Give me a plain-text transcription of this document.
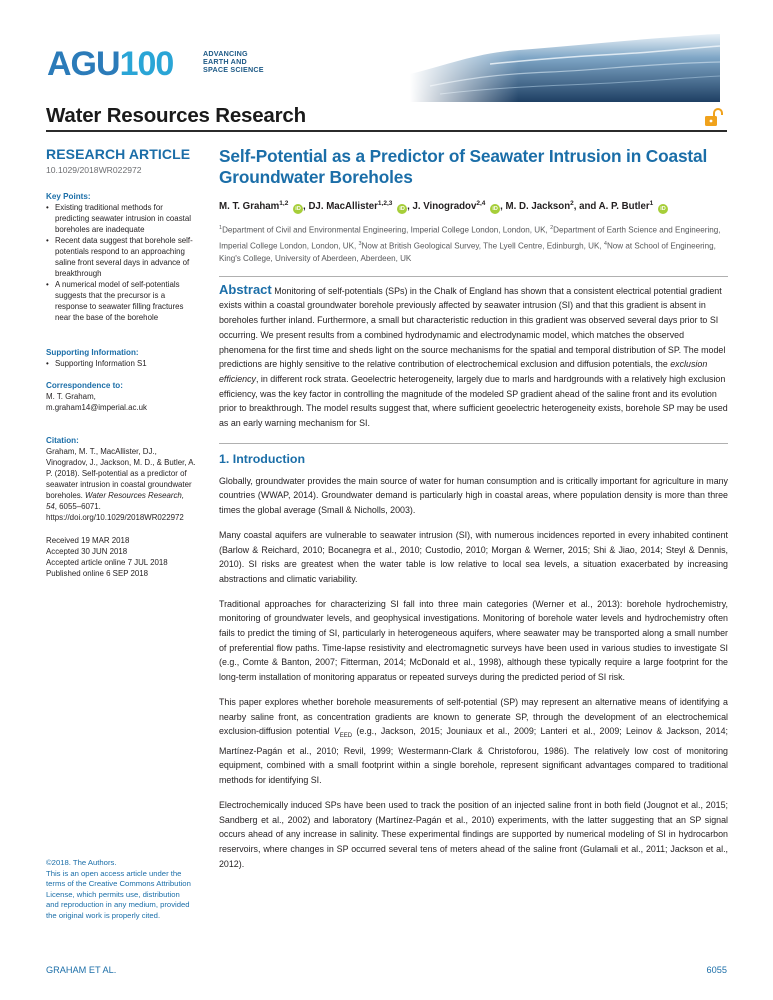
AGU100	ADVANCING
EARTH AND
SPACE SCIENCE
Water Resources Research
RESEARCH ARTICLE
10.1029/2018WR022972
Key Points:
• Existing traditional methods for predicting seawater intrusion in coastal boreholes are inadequate
• Recent data suggest that borehole self-potentials respond to an approaching saline front several days in advance of breakthrough
• A numerical model of self-potentials suggests that the precursor is a response to seawater filling fractures near the base of the borehole
Supporting Information:
• Supporting Information S1
Correspondence to:
M. T. Graham,
m.graham14@imperial.ac.uk
Citation:
Graham, M. T., MacAllister, DJ., Vinogradov, J., Jackson, M. D., & Butler, A. P. (2018). Self-potential as a predictor of seawater intrusion in coastal groundwater boreholes. Water Resources Research, 54, 6055–6071. https://doi.org/10.1029/2018WR022972
Received 19 MAR 2018
Accepted 30 JUN 2018
Accepted article online 7 JUL 2018
Published online 6 SEP 2018
©2018. The Authors.
This is an open access article under the terms of the Creative Commons Attribution License, which permits use, distribution and reproduction in any medium, provided the original work is properly cited.
Self-Potential as a Predictor of Seawater Intrusion in Coastal Groundwater Boreholes
M. T. Graham$^{1,2}$ iD , DJ. MacAllister$^{1,2,3}$ iD , J. Vinogradov$^{2,4}$ iD , M. D. Jackson$^2$, and A. P. Butler$^1$ iD
$^1$Department of Civil and Environmental Engineering, Imperial College London, London, UK, $^2$Department of Earth Science and Engineering, Imperial College London, London, UK, $^3$Now at British Geological Survey, The Lyell Centre, Edinburgh, UK, $^4$Now at School of Engineering, King's College, University of Aberdeen, Aberdeen, UK
Abstract Monitoring of self-potentials (SPs) in the Chalk of England has shown that a consistent electrical potential gradient exists within a coastal groundwater borehole previously affected by seawater intrusion (SI) and that this gradient is absent in boreholes further inland. Furthermore, a small but characteristic reduction in this gradient was observed several days prior to SI occurring. We present results from a combined hydrodynamic and electrodynamic model, which matches the observed phenomena for the first time and sheds light on the source mechanisms for the spatial and temporal distribution of SP. The model predictions are highly sensitive to the relative contribution of electrochemical exclusion and diffusion potentials, the exclusion efficiency, in different rock strata. Geoelectric heterogeneity, largely due to marls and hardgrounds with a relatively high exclusion efficiency, was the key factor in controlling the magnitude of the modeled SP gradient ahead of the saline front and its evolution prior to breakthrough. The model results suggest that, where sufficient geoelectric heterogeneity exists, borehole SP may be used as an early warning mechanism for SI.
1. Introduction

Globally, groundwater provides the main source of water for human consumption and is critically important for agriculture in many countries (WWAP, 2014). Groundwater demand is particularly high in coastal areas, where population density is more than three times the global average (Small & Nicholls, 2003).

Many coastal aquifers are vulnerable to seawater intrusion (SI), with numerous incidences reported in every inhabited continent (Barlow & Reichard, 2010; Bocanegra et al., 2010; Custodio, 2010; Morgan & Werner, 2015; Shi & Jiao, 2014; Steyl & Dennis, 2010). SI risks are greatest when the water table is low relative to local sea levels, a situation exacerbated by increasing abstractions and climatic variability.

Traditional approaches for characterizing SI fall into three main categories (Werner et al., 2013): borehole hydrochemistry, monitoring of groundwater levels, and geophysical investigations. Monitoring of borehole water levels and hydrochemistry often fails to predict the timing of SI, particularly in heterogeneous aquifers, where seawater may be transported along a small number of preferential flow paths. Time-lapse resistivity and electromagnetic surveys have been used in various studies to investigate SI (e.g., Comte & Banton, 2007; Fitterman, 2014; McDonald et al., 1998), although these typically require a large footprint for the long-term installation of monitoring apparatus or repeated surveys during the predicted period of SI risk.

This paper explores whether borehole measurements of self-potential (SP) may represent an alternative means of identifying a nearby saline front, as concentration gradients are known to generate SP, through the development of an electrochemical exclusion-diffusion potential $V_{EED}$ (e.g., Jackson, 2015; Jouniaux et al., 2009; Lanteri et al., 2009; Leinov & Jackson, 2014; Martínez-Pagán et al., 2010; Revil, 1999; Westermann-Clark & Christoforou, 1986). The relatively low cost of monitoring equipment, combined with a small footprint within a single borehole, represent significant advantages compared to traditional methods for identifying SI.

Electrochemically induced SPs have been used to track the position of an injected saline front in both field (Jougnot et al., 2015; Sandberg et al., 2002) and laboratory (Martínez-Pagán et al., 2010) experiments, with the latter suggesting that an SP signal occurs ahead of any increase in salinity. These experimental findings are supported by numerical modeling of SI in hydrocarbon reservoirs, where changes in SP occurred several tens of meters ahead of the saline front (Gulamali et al., 2011; Jackson et al., 2012).

GRAHAM ET AL.	6055
